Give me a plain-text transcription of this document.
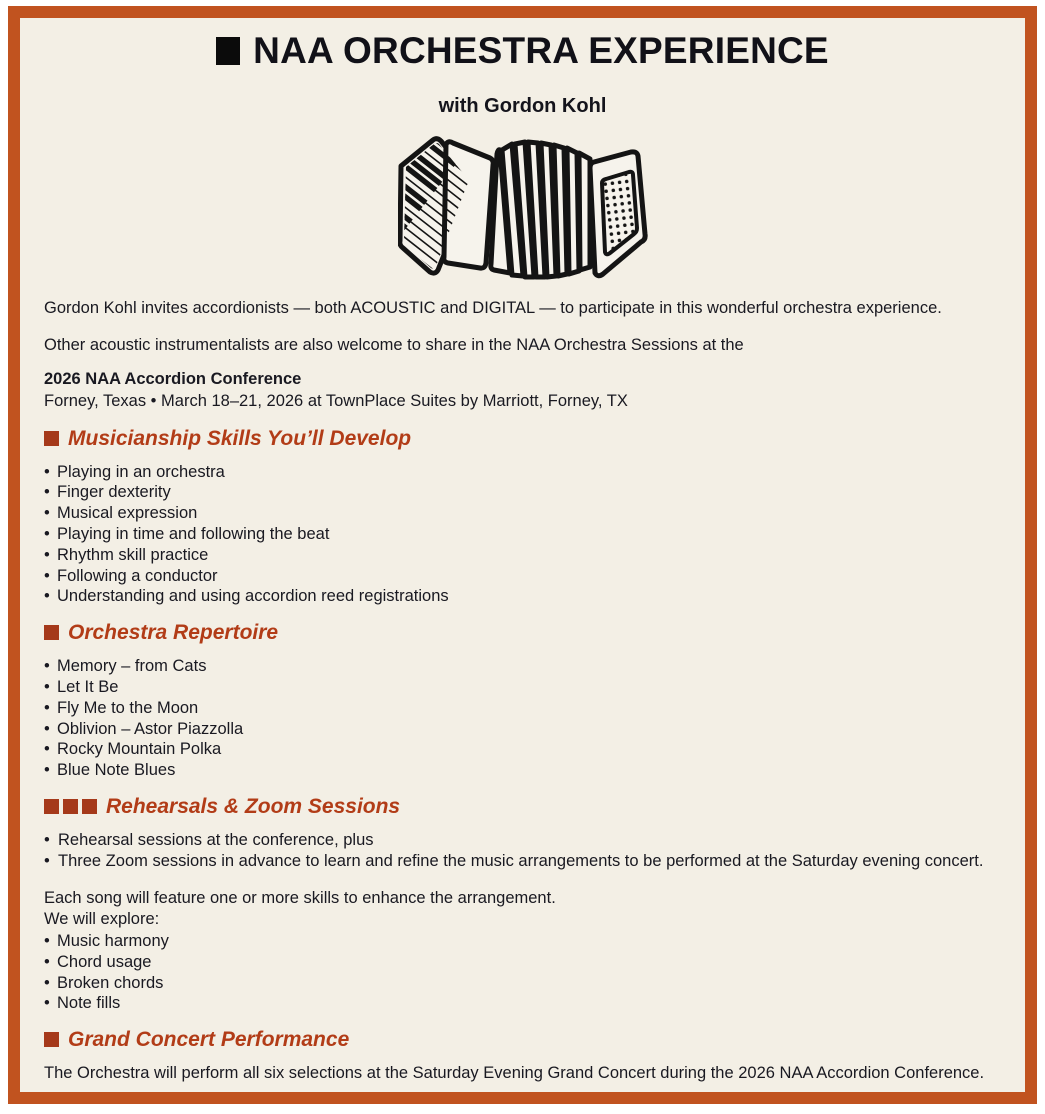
NAA ORCHESTRA EXPERIENCE
with Gordon Kohl

Gordon Kohl invites accordionists — both ACOUSTIC and DIGITAL — to participate in this wonderful orchestra experience.

Other acoustic instrumentalists are also welcome to share in the NAA Orchestra Sessions at the

2026 NAA Accordion Conference
Forney, Texas • March 18–21, 2026 at TownPlace Suites by Marriott, Forney, TX
Musicianship Skills You’ll Develop
• Playing in an orchestra
• Finger dexterity
• Musical expression
• Playing in time and following the beat
• Rhythm skill practice
• Following a conductor
• Understanding and using accordion reed registrations
Orchestra Repertoire
• Memory – from Cats
• Let It Be
• Fly Me to the Moon
• Oblivion – Astor Piazzolla
• Rocky Mountain Polka
• Blue Note Blues
Rehearsals & Zoom Sessions
• Rehearsal sessions at the conference, plus
• Three Zoom sessions in advance to learn and refine the music arrangements to be performed at the Saturday evening concert.
Each song will feature one or more skills to enhance the arrangement.
We will explore:
• Music harmony
• Chord usage
• Broken chords
• Note fills
Grand Concert Performance

The Orchestra will perform all six selections at the Saturday Evening Grand Concert during the 2026 NAA Accordion Conference.
